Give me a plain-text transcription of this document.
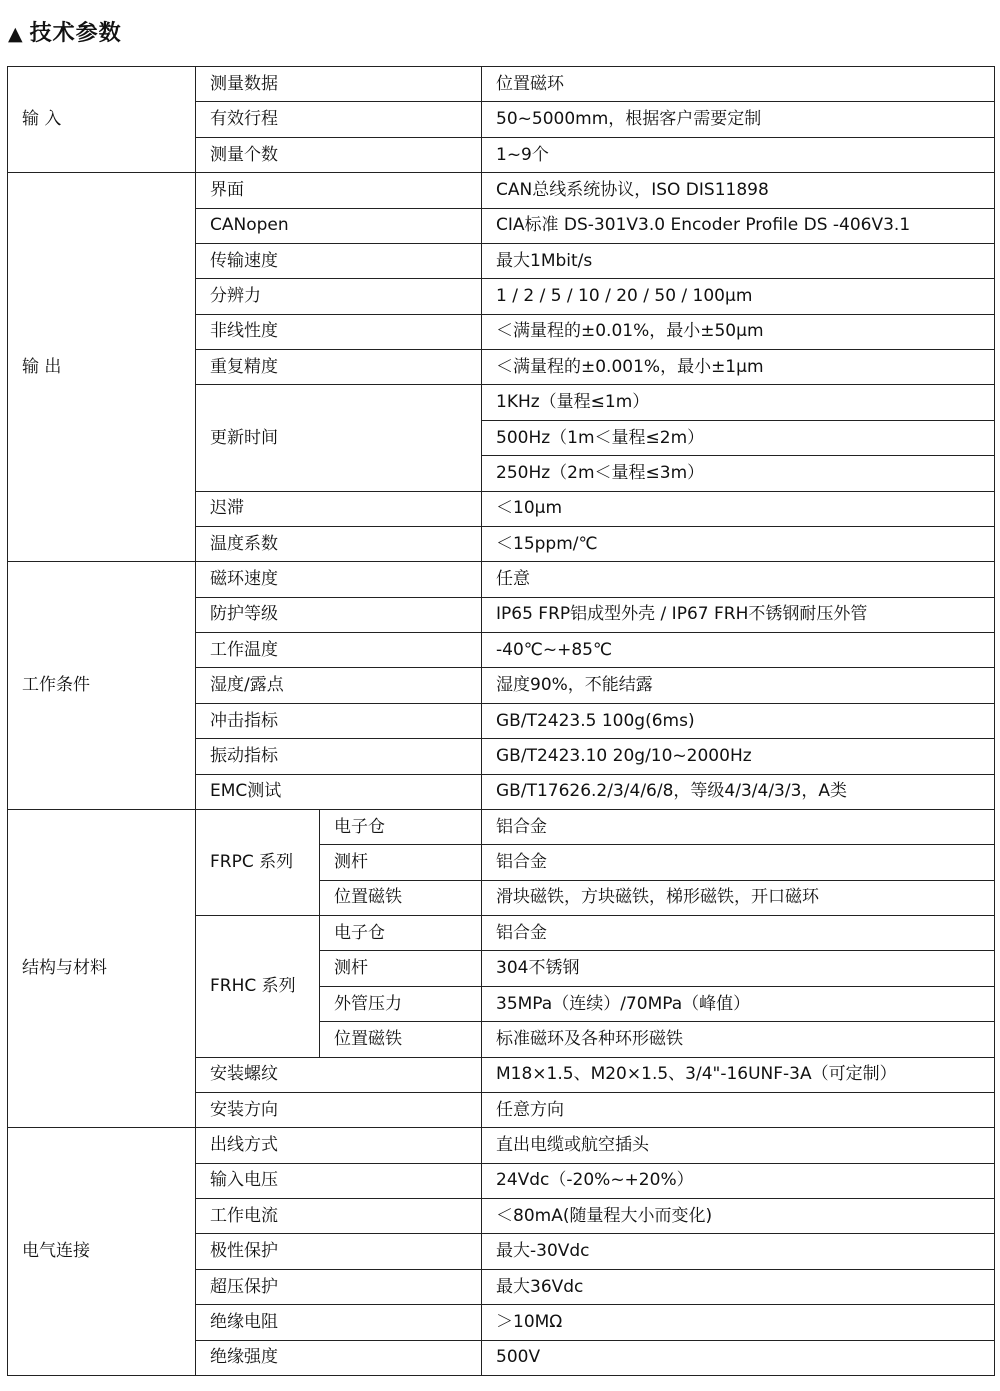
▲ 技术参数
输 入	测量数据		位置磁环
	有效行程		50~5000mm，根据客户需要定制
	测量个数		1~9个
输 出	界面		CAN总线系统协议，ISO DIS11898
	CANopen		CIA标准 DS-301V3.0 Encoder Profile DS -406V3.1
	传输速度		最大1Mbit/s
	分辨力		1 / 2 / 5 / 10 / 20 / 50 / 100μm
	非线性度		＜满量程的±0.01%，最小±50μm
	重复精度		＜满量程的±0.001%，最小±1μm
	更新时间		1KHz（量程≤1m）
			500Hz（1m＜量程≤2m）
			250Hz（2m＜量程≤3m）
	迟滞		＜10μm
	温度系数		＜15ppm/℃
工作条件	磁环速度		任意
	防护等级		IP65 FRP铝成型外壳 / IP67 FRH不锈钢耐压外管
	工作温度		-40℃~+85℃
	湿度/露点		湿度90%，不能结露
	冲击指标		GB/T2423.5 100g(6ms)
	振动指标		GB/T2423.10 20g/10~2000Hz
	EMC测试		GB/T17626.2/3/4/6/8，等级4/3/4/3/3，A类
结构与材料	FRPC 系列	电子仓	铝合金
		测杆	铝合金
		位置磁铁	滑块磁铁，方块磁铁，梯形磁铁，开口磁环
	FRHC 系列	电子仓	铝合金
		测杆	304不锈钢
		外管压力	35MPa（连续）/70MPa（峰值）
		位置磁铁	标准磁环及各种环形磁铁
	安装螺纹		M18×1.5、M20×1.5、3/4"-16UNF-3A（可定制）
	安装方向		任意方向
电气连接	出线方式		直出电缆或航空插头
	输入电压		24Vdc（-20%~+20%）
	工作电流		＜80mA(随量程大小而变化)
	极性保护		最大-30Vdc
	超压保护		最大36Vdc
	绝缘电阻		＞10MΩ
	绝缘强度		500V
